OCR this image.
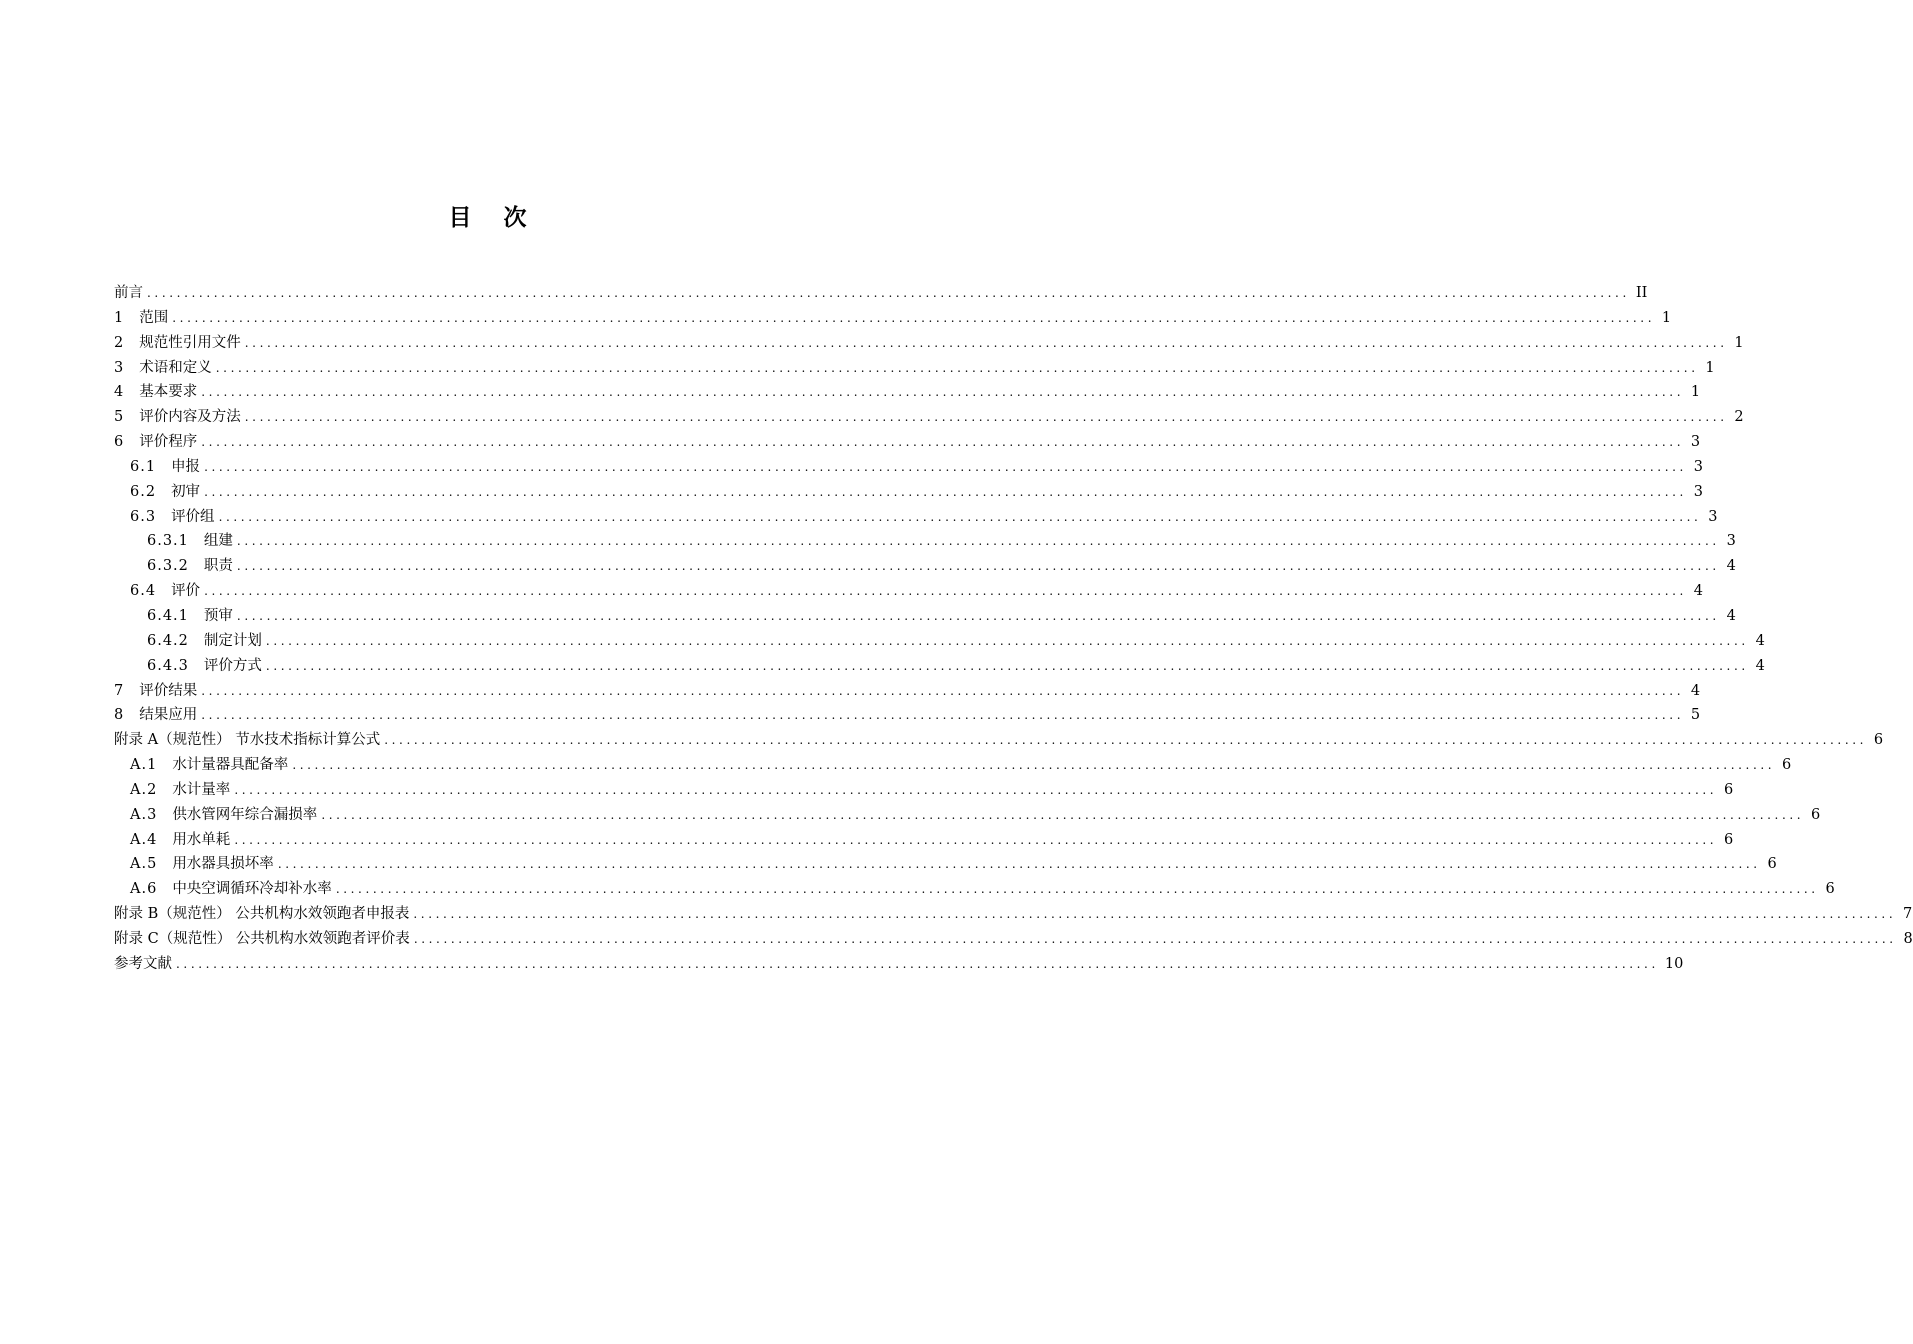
目    次
前言 ........................................................................................................................................................................................................ II
1	范围 ........................................................................................................................................................................................................ 1
2	规范性引用文件 ........................................................................................................................................................................................................ 1
3	术语和定义 ........................................................................................................................................................................................................ 1
4	基本要求 ........................................................................................................................................................................................................ 1
5	评价内容及方法 ........................................................................................................................................................................................................ 2
6	评价程序 ........................................................................................................................................................................................................ 3
6.1	申报 ........................................................................................................................................................................................................ 3
6.2	初审 ........................................................................................................................................................................................................ 3
6.3	评价组 ........................................................................................................................................................................................................ 3
6.3.1	组建 ........................................................................................................................................................................................................ 3
6.3.2	职责 ........................................................................................................................................................................................................ 4
6.4	评价 ........................................................................................................................................................................................................ 4
6.4.1	预审 ........................................................................................................................................................................................................ 4
6.4.2	制定计划 ........................................................................................................................................................................................................ 4
6.4.3	评价方式 ........................................................................................................................................................................................................ 4
7	评价结果 ........................................................................................................................................................................................................ 4
8	结果应用 ........................................................................................................................................................................................................ 5
附录 A（规范性） 节水技术指标计算公式 ........................................................................................................................................................................................................ 6
A.1	水计量器具配备率 ........................................................................................................................................................................................................ 6
A.2	水计量率 ........................................................................................................................................................................................................ 6
A.3	供水管网年综合漏损率 ........................................................................................................................................................................................................ 6
A.4	用水单耗 ........................................................................................................................................................................................................ 6
A.5	用水器具损坏率 ........................................................................................................................................................................................................ 6
A.6	中央空调循环冷却补水率 ........................................................................................................................................................................................................ 6
附录 B（规范性） 公共机构水效领跑者申报表 ........................................................................................................................................................................................................ 7
附录 C（规范性） 公共机构水效领跑者评价表 ........................................................................................................................................................................................................ 8
参考文献 ........................................................................................................................................................................................................ 10
